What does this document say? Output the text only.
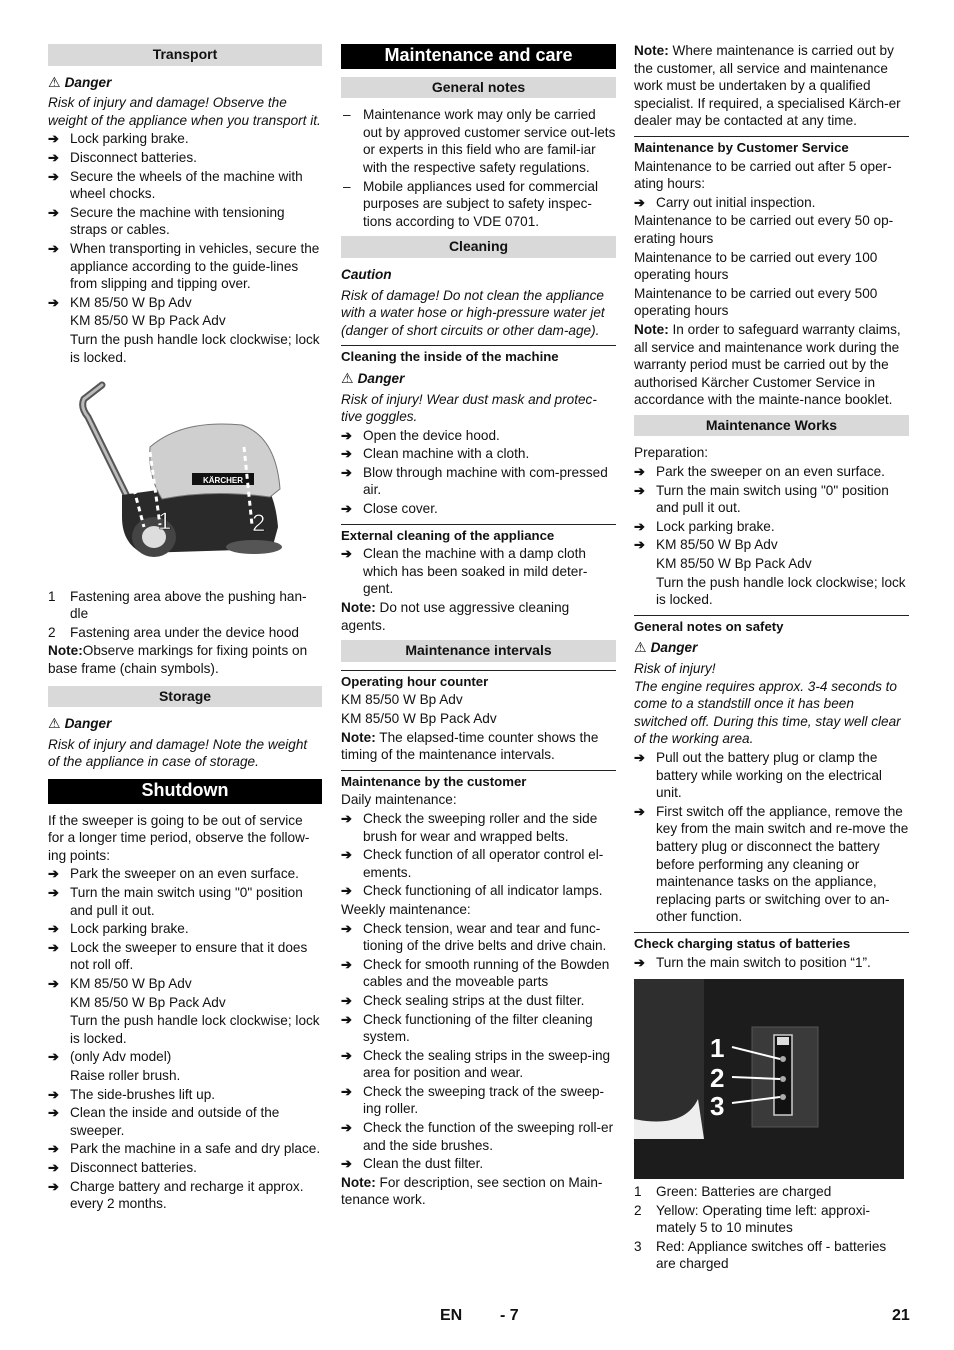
Transport
⚠ Danger
Risk of injury and damage! Observe the weight of the appliance when you transport it.
➔ Lock parking brake.
➔ Disconnect batteries.
➔ Secure the wheels of the machine with wheel chocks.
➔ Secure the machine with tensioning straps or cables.
➔ When transporting in vehicles, secure the appliance according to the guide-lines from slipping and tipping over.
➔ KM 85/50 W Bp Adv

KM 85/50 W Bp Pack Adv

Turn the push handle lock clockwise; lock is locked.

KÄRCHER
1	2
1 Fastening area above the pushing han-dle
2 Fastening area under the device hood

Note:Observe markings for fixing points on base frame (chain symbols).

Storage
⚠ Danger
Risk of injury and damage! Note the weight of the appliance in case of storage.
Shutdown

If the sweeper is going to be out of service for a longer time period, observe the follow-ing points:

➔ Park the sweeper on an even surface.
➔ Turn the main switch using "0" position and pull it out.
➔ Lock parking brake.
➔ Lock the sweeper to ensure that it does not roll off.
➔ KM 85/50 W Bp Adv

KM 85/50 W Bp Pack Adv

Turn the push handle lock clockwise; lock is locked.

➔ (only Adv model)

Raise roller brush.

➔ The side-brushes lift up.
➔ Clean the inside and outside of the sweeper.
➔ Park the machine in a safe and dry place.
➔ Disconnect batteries.
➔ Charge battery and recharge it approx. every 2 months.
Maintenance and care
General notes
– Maintenance work may only be carried out by approved customer service out-lets or experts in this field who are famil-iar with the respective safety regulations.
– Mobile appliances used for commercial purposes are subject to safety inspec-tions according to VDE 0701.
Cleaning
Caution
Risk of damage! Do not clean the appliance with a water hose or high-pressure water jet (danger of short circuits or other dam-age).
Cleaning the inside of the machine
⚠ Danger
Risk of injury! Wear dust mask and protec-tive goggles.
➔ Open the device hood.
➔ Clean machine with a cloth.
➔ Blow through machine with com-pressed air.
➔ Close cover.
External cleaning of the appliance
➔ Clean the machine with a damp cloth which has been soaked in mild deter-gent.

Note: Do not use aggressive cleaning agents.

Maintenance intervals
Operating hour counter

KM 85/50 W Bp Adv

KM 85/50 W Bp Pack Adv

Note: The elapsed-time counter shows the timing of the maintenance intervals.

Maintenance by the customer

Daily maintenance:

➔ Check the sweeping roller and the side brush for wear and wrapped belts.
➔ Check function of all operator control el-ements.
➔ Check functioning of all indicator lamps.

Weekly maintenance:

➔ Check tension, wear and tear and func-tioning of the drive belts and drive chain.
➔ Check for smooth running of the Bowden cables and the moveable parts
➔ Check sealing strips at the dust filter.
➔ Check functioning of the filter cleaning system.
➔ Check the sealing strips in the sweep-ing area for position and wear.
➔ Check the sweeping track of the sweep-ing roller.
➔ Check the function of the sweeping roll-er and the side brushes.
➔ Clean the dust filter.

Note: For description, see section on Main-tenance work.

Note: Where maintenance is carried out by the customer, all service and maintenance work must be undertaken by a qualified specialist. If required, a specialised Kärch-er dealer may be contacted at any time.

Maintenance by Customer Service

Maintenance to be carried out after 5 oper-ating hours:

➔ Carry out initial inspection.

Maintenance to be carried out every 50 op-erating hours

Maintenance to be carried out every 100 operating hours

Maintenance to be carried out every 500 operating hours

Note: In order to safeguard warranty claims, all service and maintenance work during the warranty period must be carried out by the authorised Kärcher Customer Service in accordance with the mainte-nance booklet.

Maintenance Works

Preparation:

➔ Park the sweeper on an even surface.
➔ Turn the main switch using "0" position and pull it out.
➔ Lock parking brake.
➔ KM 85/50 W Bp Adv

KM 85/50 W Bp Pack Adv

Turn the push handle lock clockwise; lock is locked.

General notes on safety
⚠ Danger
Risk of injury!
The engine requires approx. 3-4 seconds to come to a standstill once it has been switched off. During this time, stay well clear of the working area.
➔ Pull out the battery plug or clamp the battery while working on the electrical unit.
➔ First switch off the appliance, remove the key from the main switch and re-move the battery plug or disconnect the battery before performing any cleaning or maintenance tasks on the appliance, replacing parts or switching over to an-other function.
Check charging status of batteries
➔ Turn the main switch to position “1”.
1
2
3
1 Green: Batteries are charged
2 Yellow: Operating time left: approxi-mately 5 to 10 minutes
3 Red: Appliance switches off - batteries are charged
EN - 7	21
